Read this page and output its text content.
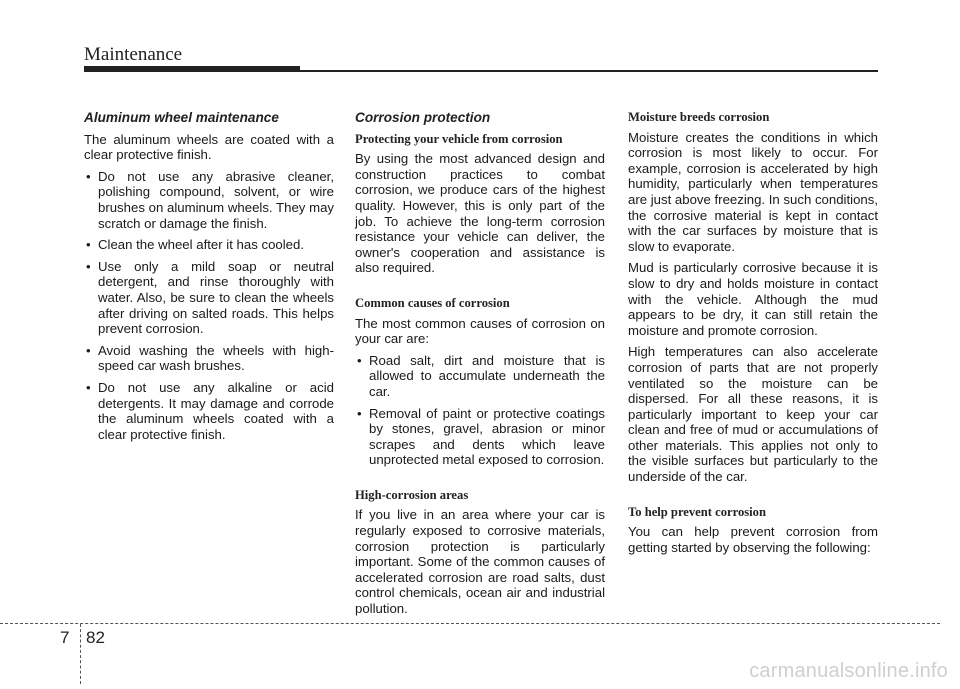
Maintenance
Aluminum wheel maintenance

The aluminum wheels are coated with a clear protective finish.

• Do not use any abrasive cleaner, polishing compound, solvent, or wire brushes on aluminum wheels. They may scratch or damage the finish.
• Clean the wheel after it has cooled.
• Use only a mild soap or neutral detergent, and rinse thoroughly with water. Also, be sure to clean the wheels after driving on salted roads. This helps prevent corrosion.
• Avoid washing the wheels with high-speed car wash brushes.
• Do not use any alkaline or acid detergents. It may damage and corrode the aluminum wheels coated with a clear protective finish.
Corrosion protection
Protecting your vehicle from corrosion

By using the most advanced design and construction practices to combat corrosion, we produce cars of the highest quality. However, this is only part of the job. To achieve the long-term corrosion resistance your vehicle can deliver, the owner's cooperation and assistance is also required.

Common causes of corrosion

The most common causes of corrosion on your car are:

• Road salt, dirt and moisture that is allowed to accumulate underneath the car.
• Removal of paint or protective coatings by stones, gravel, abrasion or minor scrapes and dents which leave unprotected metal exposed to corrosion.
High-corrosion areas

If you live in an area where your car is regularly exposed to corrosive materials, corrosion protection is particularly important. Some of the common causes of accelerated corrosion are road salts, dust control chemicals, ocean air and industrial pollution.

Moisture breeds corrosion

Moisture creates the conditions in which corrosion is most likely to occur. For example, corrosion is accelerated by high humidity, particularly when temperatures are just above freezing. In such conditions, the corrosive material is kept in contact with the car surfaces by moisture that is slow to evaporate.

Mud is particularly corrosive because it is slow to dry and holds moisture in contact with the vehicle. Although the mud appears to be dry, it can still retain the moisture and promote corrosion.

High temperatures can also accelerate corrosion of parts that are not properly ventilated so the moisture can be dispersed. For all these reasons, it is particularly important to keep your car clean and free of mud or accumulations of other materials. This applies not only to the visible surfaces but particularly to the underside of the car.

To help prevent corrosion

You can help prevent corrosion from getting started by observing the following:

7 82
carmanualsonline.info
